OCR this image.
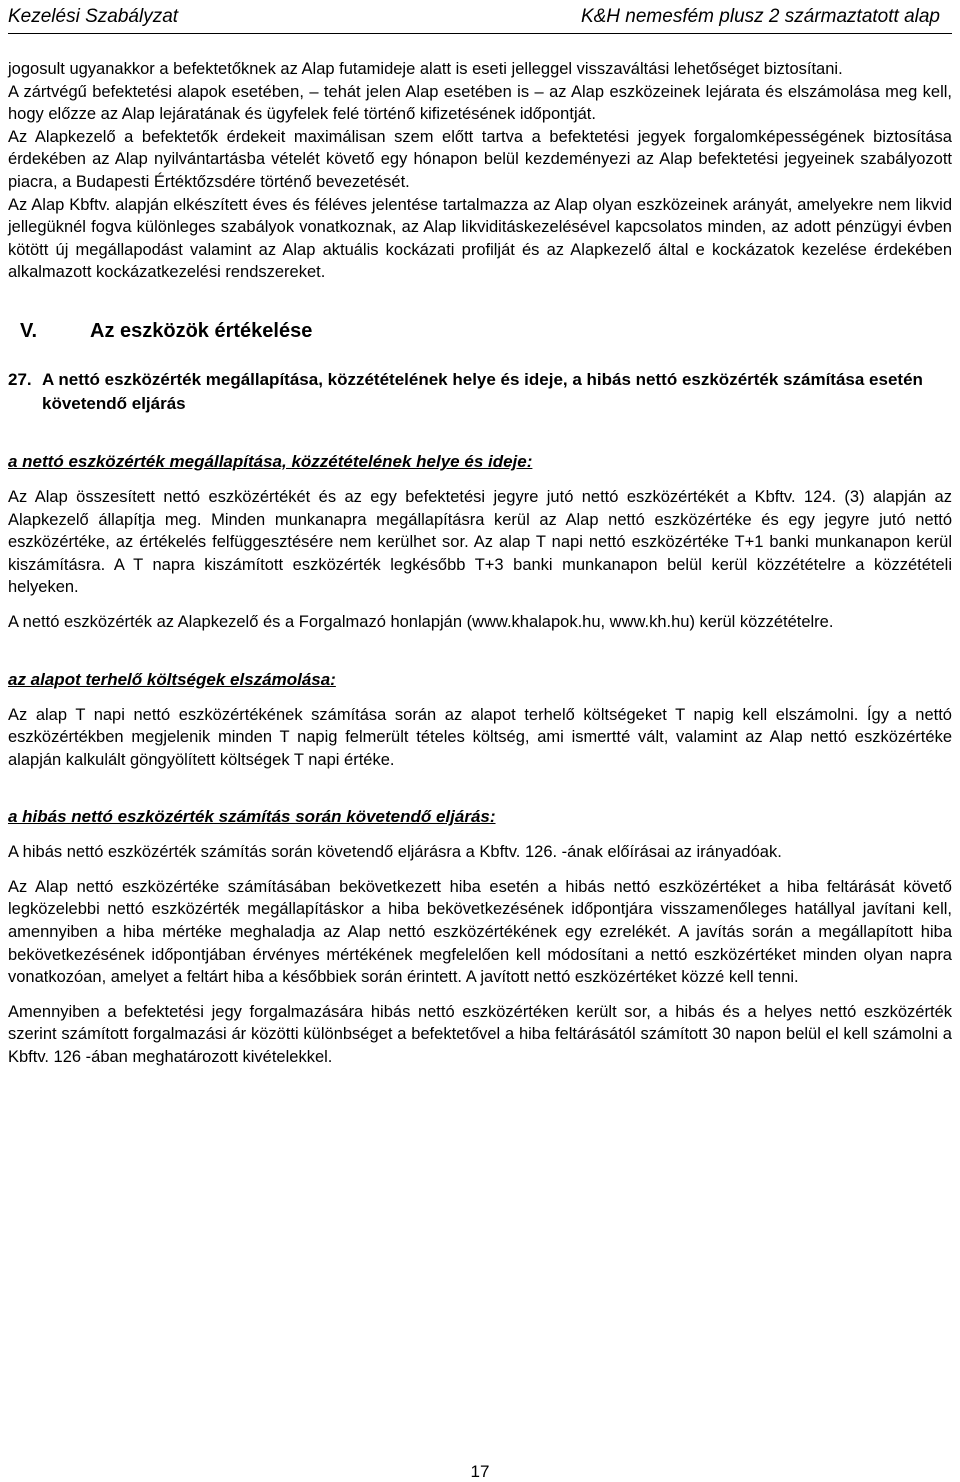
Kezelési Szabályzat	K&H nemesfém plusz 2 származtatott alap

jogosult ugyanakkor a befektetőknek az Alap futamideje alatt is eseti jelleggel visszaváltási lehetőséget biztosítani.

A zártvégű befektetési alapok esetében, – tehát jelen Alap esetében is – az Alap eszközeinek lejárata és elszámolása meg kell, hogy előzze az Alap lejáratának és ügyfelek felé történő kifizetésének időpontját.

Az Alapkezelő a befektetők érdekeit maximálisan szem előtt tartva a befektetési jegyek forgalomképességének biztosítása érdekében az Alap nyilvántartásba vételét követő egy hónapon belül kezdeményezi az Alap befektetési jegyeinek szabályozott piacra, a Budapesti Értéktőzsdére történő bevezetését.

Az Alap Kbftv. alapján elkészített éves és féléves jelentése tartalmazza az Alap olyan eszközeinek arányát, amelyekre nem likvid jellegüknél fogva különleges szabályok vonatkoznak, az Alap likviditáskezelésével kapcsolatos minden, az adott pénzügyi évben kötött új megállapodást valamint az Alap aktuális kockázati profilját és az Alapkezelő által e kockázatok kezelése érdekében alkalmazott kockázatkezelési rendszereket.

V.	Az eszközök értékelése
27. A nettó eszközérték megállapítása, közzétételének helye és ideje, a hibás nettó eszközérték számítása esetén követendő eljárás

a nettó eszközérték megállapítása, közzétételének helye és ideje:

Az Alap összesített nettó eszközértékét és az egy befektetési jegyre jutó nettó eszközértékét a Kbftv. 124. (3) alapján az Alapkezelő állapítja meg. Minden munkanapra megállapításra kerül az Alap nettó eszközértéke és egy jegyre jutó nettó eszközértéke, az értékelés felfüggesztésére nem kerülhet sor. Az alap T napi nettó eszközértéke T+1 banki munkanapon kerül kiszámításra. A T napra kiszámított eszközérték legkésőbb T+3 banki munkanapon belül kerül közzétételre a közzétételi helyeken.

A nettó eszközérték az Alapkezelő és a Forgalmazó honlapján (www.khalapok.hu, www.kh.hu) kerül közzétételre.

az alapot terhelő költségek elszámolása:

Az alap T napi nettó eszközértékének számítása során az alapot terhelő költségeket T napig kell elszámolni. Így a nettó eszközértékben megjelenik minden T napig felmerült tételes költség, ami ismertté vált, valamint az Alap nettó eszközértéke alapján kalkulált göngyölített költségek T napi értéke.

a hibás nettó eszközérték számítás során követendő eljárás:

A hibás nettó eszközérték számítás során követendő eljárásra a Kbftv. 126. -ának előírásai az irányadóak.

Az Alap nettó eszközértéke számításában bekövetkezett hiba esetén a hibás nettó eszközértéket a hiba feltárását követő legközelebbi nettó eszközérték megállapításkor a hiba bekövetkezésének időpontjára visszamenőleges hatállyal javítani kell, amennyiben a hiba mértéke meghaladja az Alap nettó eszközértékének egy ezrelékét. A javítás során a megállapított hiba bekövetkezésének időpontjában érvényes mértékének megfelelően kell módosítani a nettó eszközértéket minden olyan napra vonatkozóan, amelyet a feltárt hiba a későbbiek során érintett. A javított nettó eszközértéket közzé kell tenni.

Amennyiben a befektetési jegy forgalmazására hibás nettó eszközértéken került sor, a hibás és a helyes nettó eszközérték szerint számított forgalmazási ár közötti különbséget a befektetővel a hiba feltárásától számított 30 napon belül el kell számolni a Kbftv. 126 -ában meghatározott kivételekkel.

17
